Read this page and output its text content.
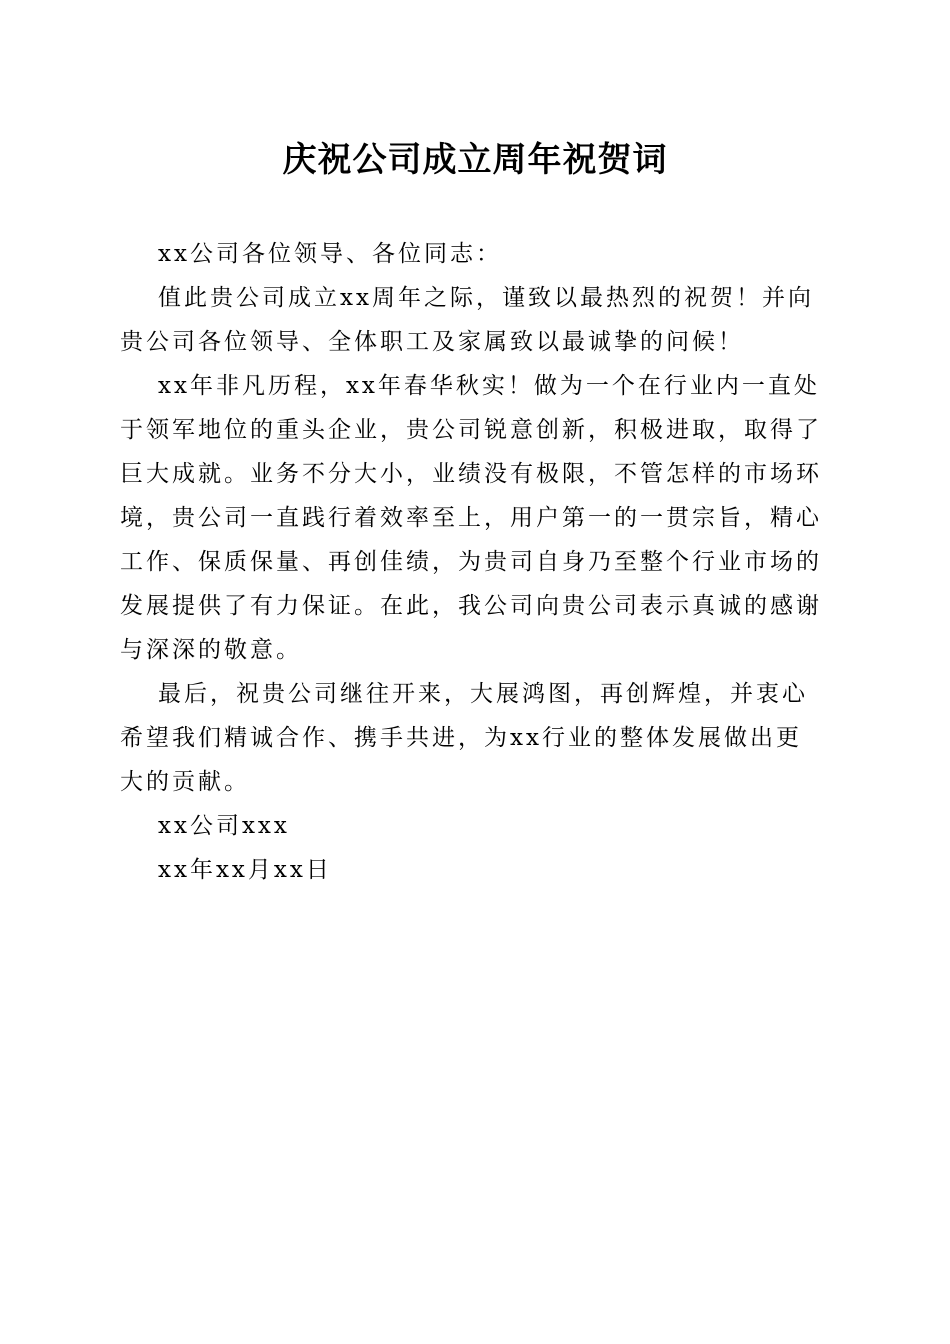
庆祝公司成立周年祝贺词

xx公司各位领导、各位同志：

值此贵公司成立xx周年之际，谨致以最热烈的祝贺！并向贵公司各位领导、全体职工及家属致以最诚挚的问候！

xx年非凡历程，xx年春华秋实！做为一个在行业内一直处于领军地位的重头企业，贵公司锐意创新，积极进取，取得了巨大成就。业务不分大小，业绩没有极限，不管怎样的市场环境，贵公司一直践行着效率至上，用户第一的一贯宗旨，精心工作、保质保量、再创佳绩，为贵司自身乃至整个行业市场的发展提供了有力保证。在此，我公司向贵公司表示真诚的感谢与深深的敬意。

最后，祝贵公司继往开来，大展鸿图，再创辉煌，并衷心希望我们精诚合作、携手共进，为xx行业的整体发展做出更大的贡献。

xx公司xxx

xx年xx月xx日
